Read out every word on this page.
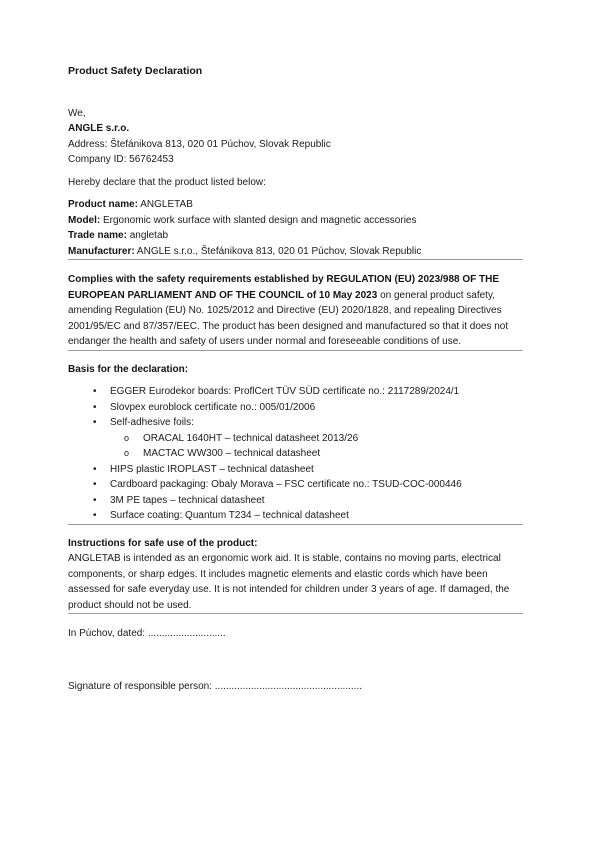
Product Safety Declaration

We,

ANGLE s.r.o.

Address: Štefánikova 813, 020 01 Púchov, Slovak Republic

Company ID: 56762453

Hereby declare that the product listed below:

Product name: ANGLETAB

Model: Ergonomic work surface with slanted design and magnetic accessories

Trade name: angletab

Manufacturer: ANGLE s.r.o., Štefánikova 813, 020 01 Púchov, Slovak Republic

Complies with the safety requirements established by REGULATION (EU) 2023/988 OF THE EUROPEAN PARLIAMENT AND OF THE COUNCIL of 10 May 2023 on general product safety, amending Regulation (EU) No. 1025/2012 and Directive (EU) 2020/1828, and repealing Directives 2001/95/EC and 87/357/EEC. The product has been designed and manufactured so that it does not endanger the health and safety of users under normal and foreseeable conditions of use.

Basis for the declaration:

• EGGER Eurodekor boards: ProflCert TÜV SÜD certificate no.: 2117289/2024/1
• Slovpex euroblock certificate no.: 005/01/2006
• Self-adhesive foils:
o ORACAL 1640HT – technical datasheet 2013/26
o MACTAC WW300 – technical datasheet
• HIPS plastic IROPLAST – technical datasheet
• Cardboard packaging: Obaly Morava – FSC certificate no.: TSUD-COC-000446
• 3M PE tapes – technical datasheet
• Surface coating: Quantum T234 – technical datasheet

Instructions for safe use of the product:

ANGLETAB is intended as an ergonomic work aid. It is stable, contains no moving parts, electrical components, or sharp edges. It includes magnetic elements and elastic cords which have been assessed for safe everyday use. It is not intended for children under 3 years of age. If damaged, the product should not be used.

In Púchov, dated: ............................

Signature of responsible person: .....................................................
